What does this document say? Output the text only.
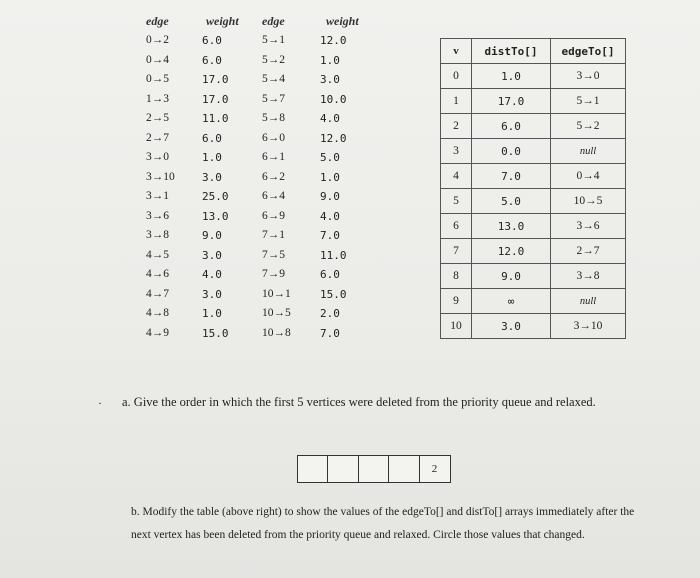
edge	weight edge	weight
0→2	6.0	5→1	12.0
0→4	6.0	5→2	1.0
0→5	17.0	5→4	3.0
1→3	17.0	5→7	10.0
2→5	11.0	5→8	4.0
2→7	6.0	6→0	12.0
3→0	1.0	6→1	5.0
3→10 3.0	6→2	1.0
3→1	25.0	6→4	9.0
3→6	13.0	6→9	4.0
3→8	9.0	7→1	7.0
4→5	3.0	7→5	11.0
4→6	4.0	7→9	6.0
4→7	3.0	10→1	15.0
4→8	1.0	10→5	2.0
4→9	15.0	10→8	7.0
v	distTo[]	edgeTo[]
0	1.0	3→0
1	17.0	5→1
2	6.0	5→2
3	0.0	null
4	7.0	0→4
5	5.0	10→5
6	13.0	3→6
7	12.0	2→7
8	9.0	3→8
9	∞	null
10	3.0	3→10
· a. Give the order in which the first 5 vertices were deleted from the priority queue and relaxed.
2
b. Modify the table (above right) to show the values of the edgeTo[] and distTo[] arrays immediately after the next vertex has been deleted from the priority queue and relaxed. Circle those values that changed.
